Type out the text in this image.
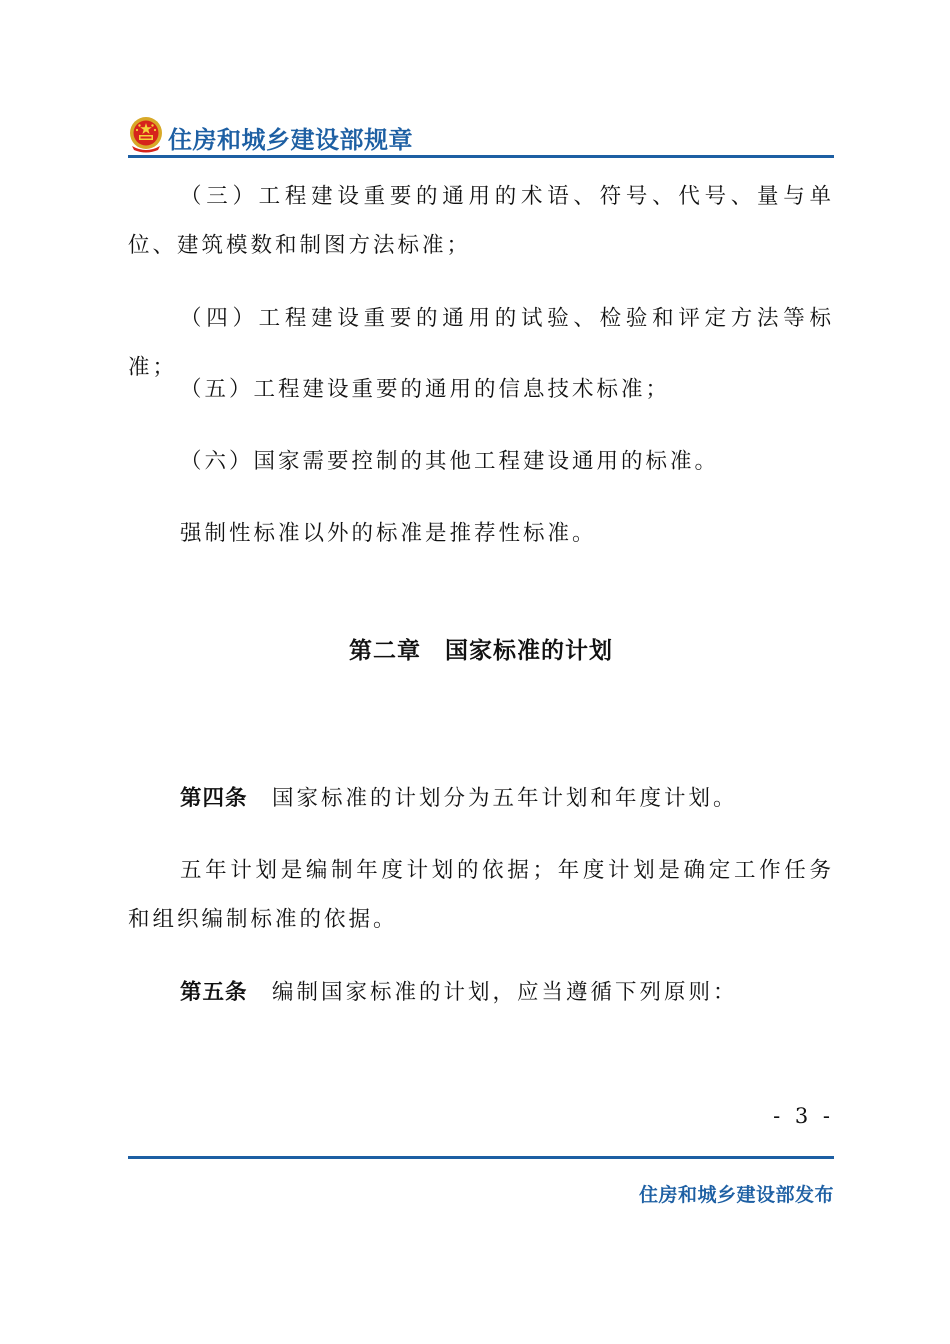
住房和城乡建设部规章

（三）工程建设重要的通用的术语、符号、代号、量与单位、建筑模数和制图方法标准；

（四）工程建设重要的通用的试验、检验和评定方法等标准；

（五）工程建设重要的通用的信息技术标准；

（六）国家需要控制的其他工程建设通用的标准。

强制性标准以外的标准是推荐性标准。

第二章　国家标准的计划

第四条　 国家标准的计划分为五年计划和年度计划。

五年计划是编制年度计划的依据；年度计划是确定工作任务和组织编制标准的依据。

第五条　 编制国家标准的计划，应当遵循下列原则：

- 3 -
住房和城乡建设部发布
